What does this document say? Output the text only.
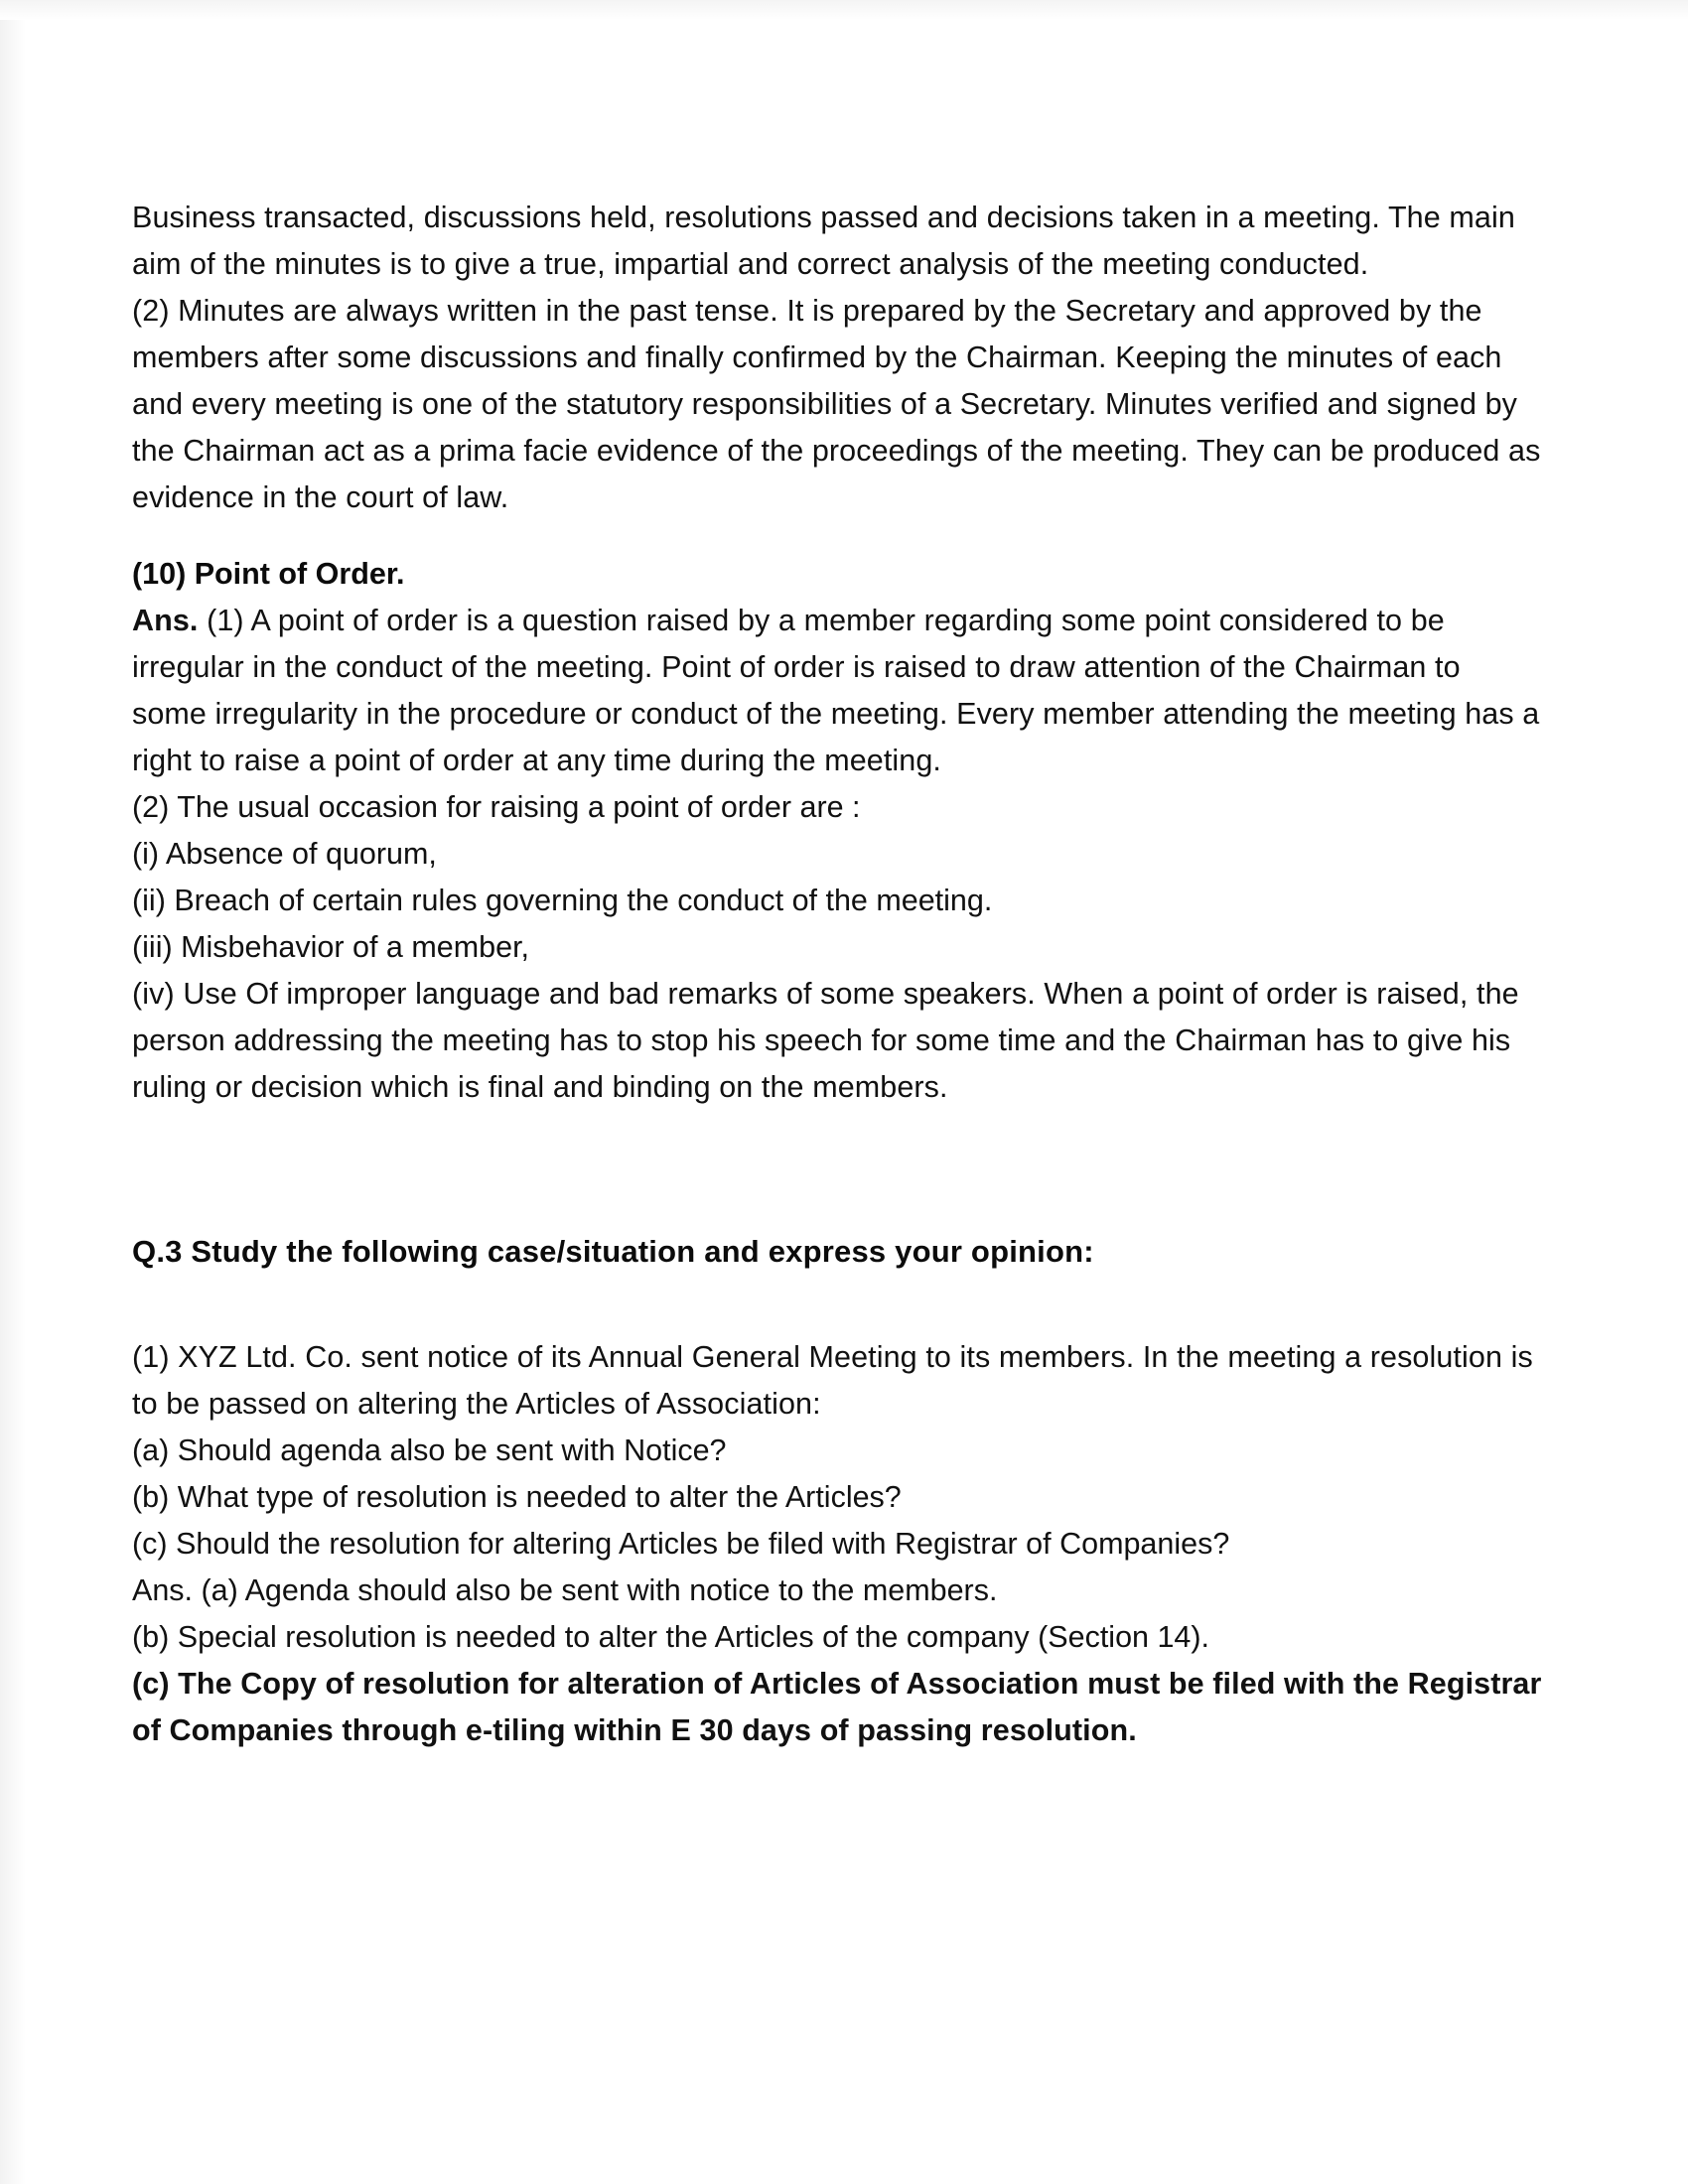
Business transacted, discussions held, resolutions passed and decisions taken in a meeting. The main aim of the minutes is to give a true, impartial and correct analysis of the meeting conducted.

(2) Minutes are always written in the past tense. It is prepared by the Secretary and approved by the members after some discussions and finally confirmed by the Chairman. Keeping the minutes of each and every meeting is one of the statutory responsibilities of a Secretary. Minutes verified and signed by the Chairman act as a prima facie evidence of the proceedings of the meeting. They can be produced as evidence in the court of law.

(10) Point of Order.

Ans. (1) A point of order is a question raised by a member regarding some point considered to be irregular in the conduct of the meeting. Point of order is raised to draw attention of the Chairman to some irregularity in the procedure or conduct of the meeting. Every member attending the meeting has a right to raise a point of order at any time during the meeting.

(2) The usual occasion for raising a point of order are :

(i) Absence of quorum,

(ii) Breach of certain rules governing the conduct of the meeting.

(iii) Misbehavior of a member,

(iv) Use Of improper language and bad remarks of some speakers. When a point of order is raised, the person addressing the meeting has to stop his speech for some time and the Chairman has to give his ruling or decision which is final and binding on the members.

Q.3 Study the following case/situation and express your opinion:

(1) XYZ Ltd. Co. sent notice of its Annual General Meeting to its members. In the meeting a resolution is to be passed on altering the Articles of Association:

(a) Should agenda also be sent with Notice?

(b) What type of resolution is needed to alter the Articles?

(c) Should the resolution for altering Articles be filed with Registrar of Companies?

Ans. (a) Agenda should also be sent with notice to the members.

(b) Special resolution is needed to alter the Articles of the company (Section 14).

(c) The Copy of resolution for alteration of Articles of Association must be filed with the Registrar of Companies through e-tiling within E 30 days of passing resolution.
